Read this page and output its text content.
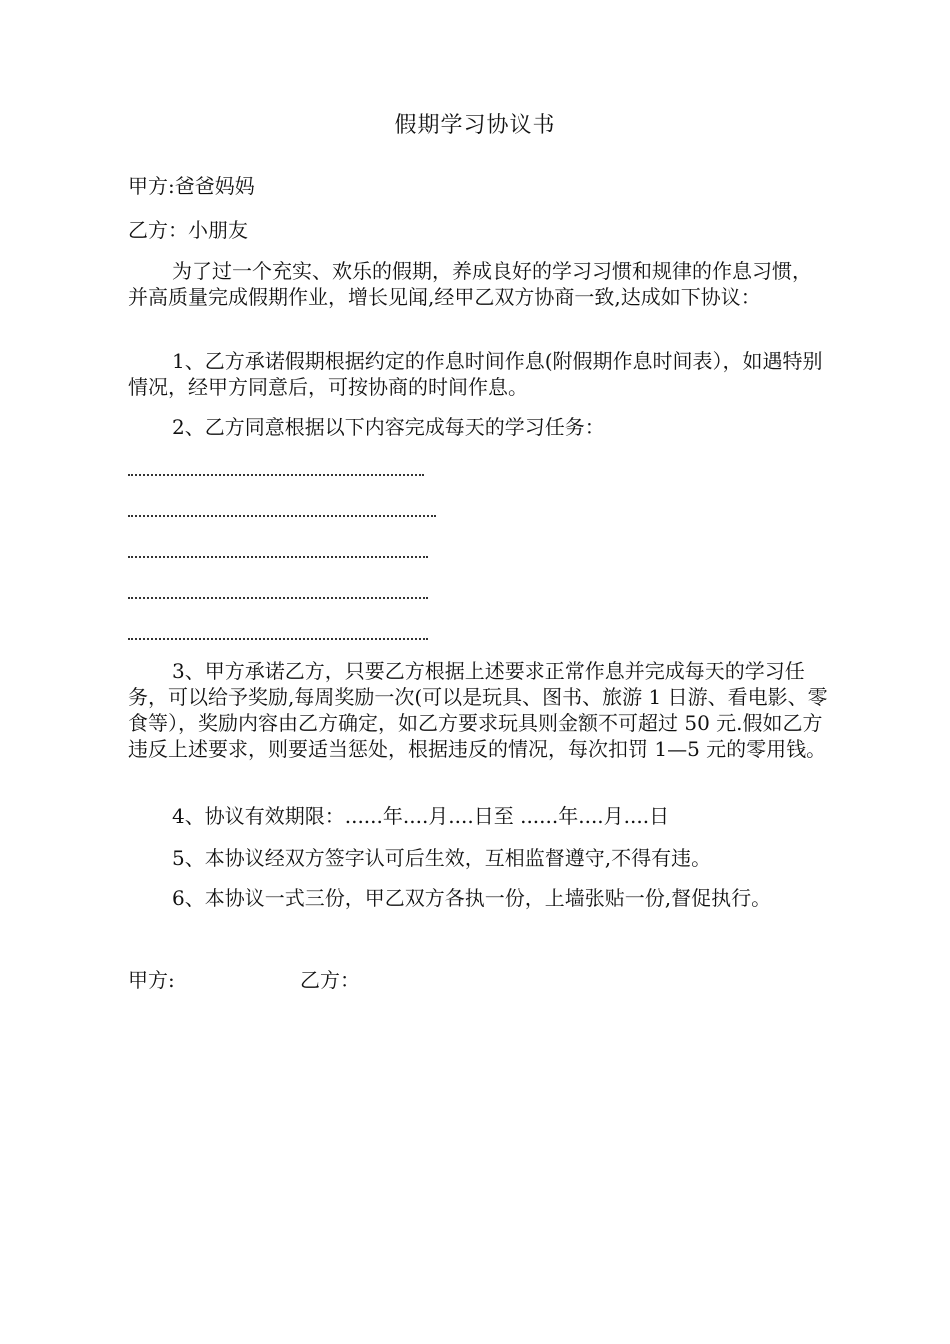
假期学习协议书
甲方:爸爸妈妈
乙方：小朋友
为了过一个充实、欢乐的假期，养成良好的学习习惯和规律的作息习惯，并高质量完成假期作业，增长见闻,经甲乙双方协商一致,达成如下协议：
1、乙方承诺假期根据约定的作息时间作息(附假期作息时间表），如遇特别情况，经甲方同意后，可按协商的时间作息。
2、乙方同意根据以下内容完成每天的学习任务：
3、甲方承诺乙方，只要乙方根据上述要求正常作息并完成每天的学习任务，可以给予奖励,每周奖励一次(可以是玩具、图书、旅游 1 日游、看电影、零食等），奖励内容由乙方确定，如乙方要求玩具则金额不可超过 50 元.假如乙方违反上述要求，则要适当惩处，根据违反的情况，每次扣罚 1—5 元的零用钱。
4、协议有效期限：......年....月....日至 ......年....月....日
5、本协议经双方签字认可后生效，互相监督遵守,不得有违。
6、本协议一式三份，甲乙双方各执一份，上墙张贴一份,督促执行。
甲方:	乙方：
